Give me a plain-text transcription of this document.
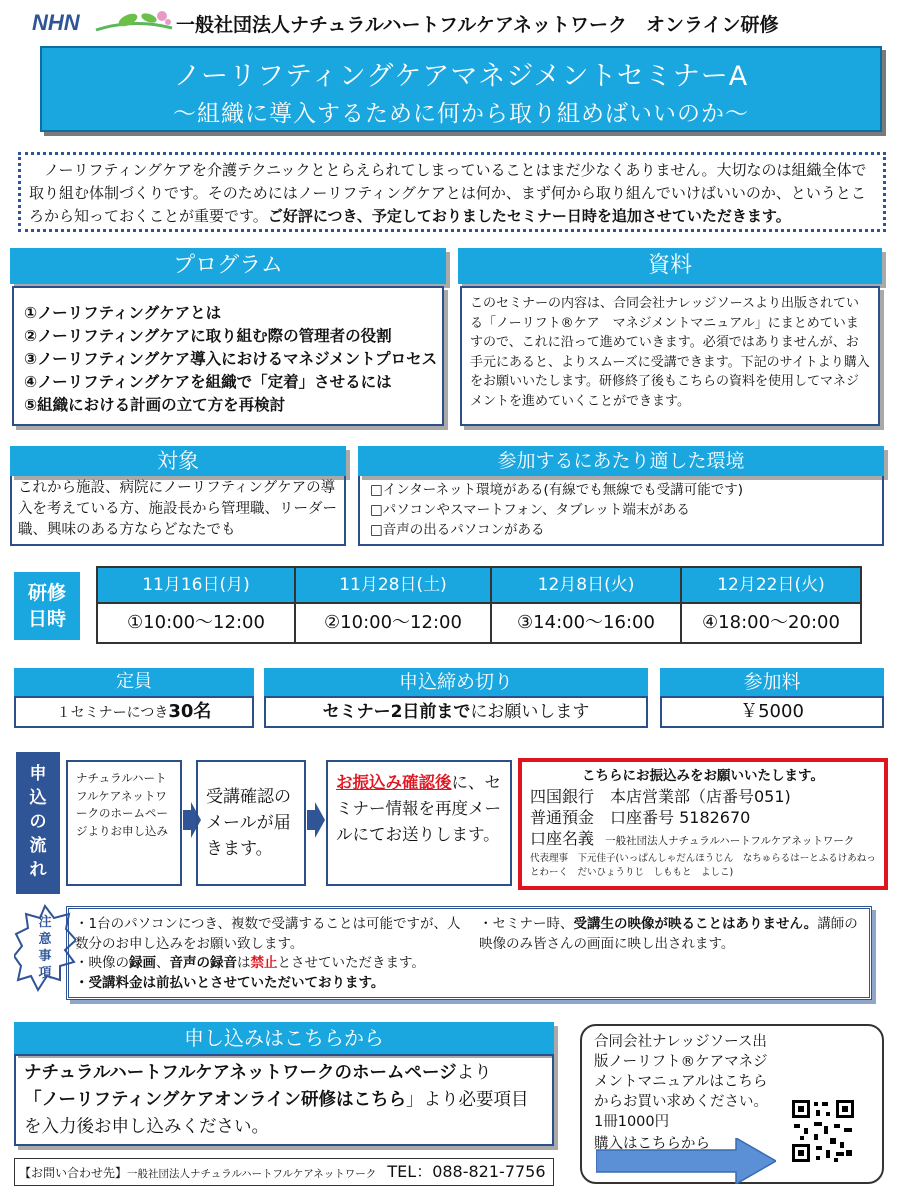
NHN	一般社団法人ナチュラルハートフルケアネットワーク　オンライン研修
ノーリフティングケアマネジメントセミナーA
～組織に導入するために何から取り組めばいいのか～
　ノーリフティングケアを介護テクニックととらえられてしまっていることはまだ少なくありません。大切なのは組織全体で取り組む体制づくりです。そのためにはノーリフティングケアとは何か、まず何から取り組んでいけばいいのか、というところから知っておくことが重要です。ご好評につき、予定しておりましたセミナー日時を追加させていただきます。
プログラム
①ノーリフティングケアとは
②ノーリフティングケアに取り組む際の管理者の役割
③ノーリフティングケア導入におけるマネジメントプロセス
④ノーリフティングケアを組織で「定着」させるには
⑤組織における計画の立て方を再検討
資料
このセミナーの内容は、合同会社ナレッジソースより出版されている「ノーリフト®ケア　マネジメントマニュアル」にまとめていますので、これに沿って進めていきます。必須ではありませんが、お手元にあると、よりスムーズに受講できます。下記のサイトより購入をお願いいたします。研修終了後もこちらの資料を使用してマネジメントを進めていくことができます。
対象
これから施設、病院にノーリフティングケアの導入を考えている方、施設長から管理職、リーダー職、興味のある方ならどなたでも
参加するにあたり適した環境
□インターネット環境がある(有線でも無線でも受講可能です)
□パソコンやスマートフォン、タブレット端末がある
□音声の出るパソコンがある
研修
日時
11月16日(月)	11月28日(土)	12月8日(火)	12月22日(火)
①10:00～12:00	②10:00～12:00	③14:00～16:00	④18:00～20:00
定員
１セミナーにつき30名
申込締め切り
セミナー2日前までにお願いします
参加料
￥5000
申
込
の
流
れ
ナチュラルハートフルケアネットワークのホームページよりお申し込み
受講確認のメールが届きます。
お振込み確認後に、セミナー情報を再度メールにてお送りします。
こちらにお振込みをお願いいたします。
四国銀行　本店営業部（店番号051)
普通預金　口座番号 5182670
口座名義 一般社団法人ナチュラルハートフルケアネットワーク
代表理事　下元佳子(いっぱんしゃだんほうじん　なちゅらるはーとふるけあねっとわーく　だいひょうりじ　しももと　よしこ)
注
意
事
項
・1台のパソコンにつき、複数で受講することは可能ですが、人数分のお申し込みをお願い致します。
・映像の録画、音声の録音は禁止とさせていただきます。
・受講料金は前払いとさせていただいております。
・セミナー時、受講生の映像が映ることはありません。講師の映像のみ皆さんの画面に映し出されます。
申し込みはこちらから
ナチュラルハートフルケアネットワークのホームページより
「ノーリフティングケアオンライン研修はこちら」より必要項目
を入力後お申し込みください。
合同会社ナレッジソース出版ノーリフト®ケアマネジメントマニュアルはこちらからお買い求めください。1冊1000円
購入はこちらから
【お問い合わせ先】一般社団法人ナチュラルハートフルケアネットワーク TEL：088-821-7756
